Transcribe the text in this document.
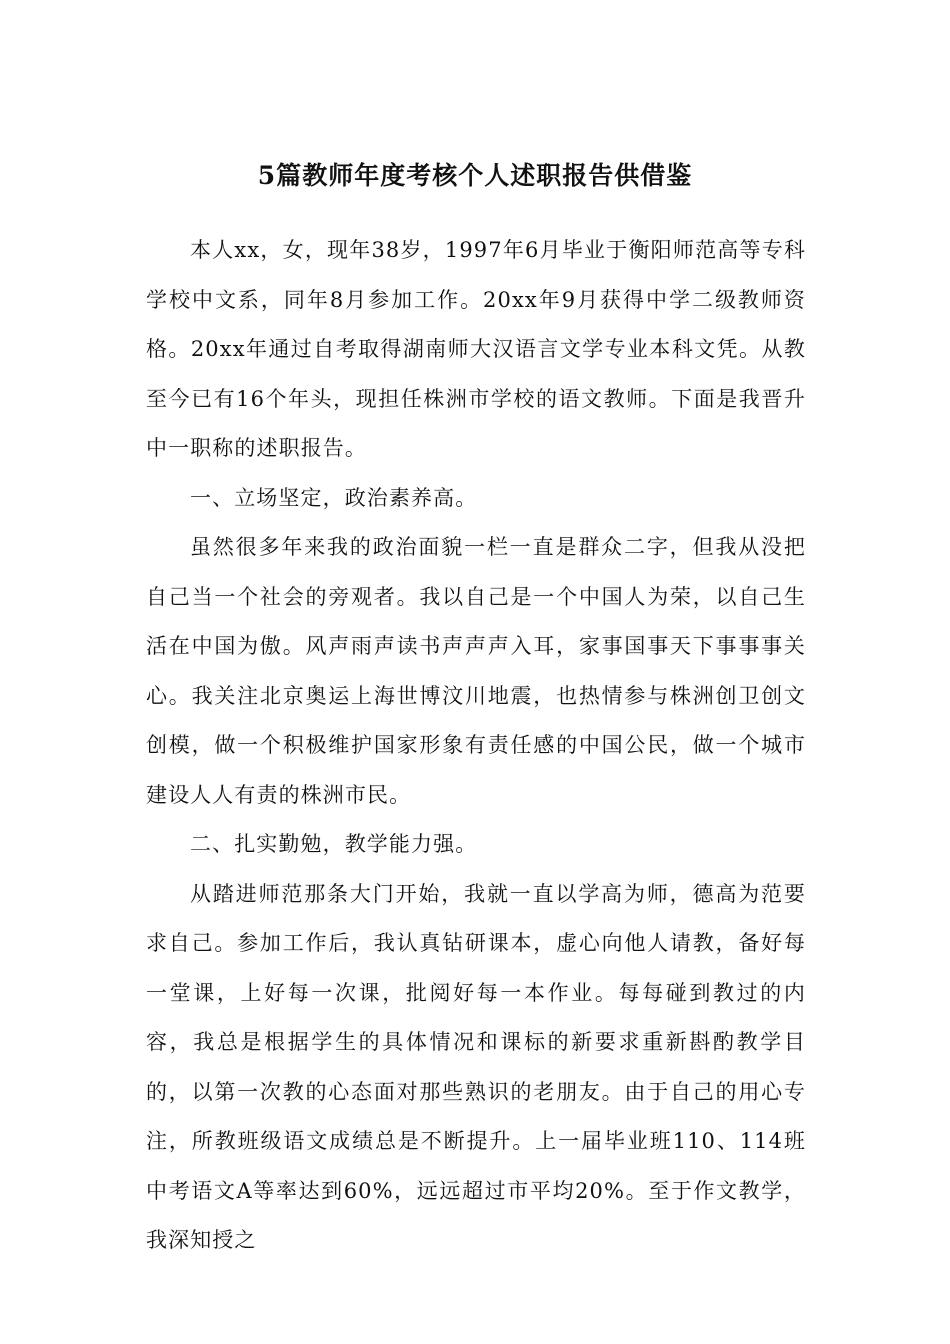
5篇教师年度考核个人述职报告供借鉴

本人xx，女，现年38岁，1997年6月毕业于衡阳师范高等专科学校中文系，同年8月参加工作。20xx年9月获得中学二级教师资格。20xx年通过自考取得湖南师大汉语言文学专业本科文凭。从教至今已有16个年头，现担任株洲市学校的语文教师。下面是我晋升中一职称的述职报告。

一、立场坚定，政治素养高。

虽然很多年来我的政治面貌一栏一直是群众二字，但我从没把自己当一个社会的旁观者。我以自己是一个中国人为荣，以自己生活在中国为傲。风声雨声读书声声声入耳，家事国事天下事事事关心。我关注北京奥运上海世博汶川地震，也热情参与株洲创卫创文创模，做一个积极维护国家形象有责任感的中国公民，做一个城市建设人人有责的株洲市民。

二、扎实勤勉，教学能力强。

从踏进师范那条大门开始，我就一直以学高为师，德高为范要求自己。参加工作后，我认真钻研课本，虚心向他人请教，备好每一堂课，上好每一次课，批阅好每一本作业。每每碰到教过的内容，我总是根据学生的具体情况和课标的新要求重新斟酌教学目的，以第一次教的心态面对那些熟识的老朋友。由于自己的用心专注，所教班级语文成绩总是不断提升。上一届毕业班110、114班中考语文A等率达到60%，远远超过市平均20%。至于作文教学，我深知授之
